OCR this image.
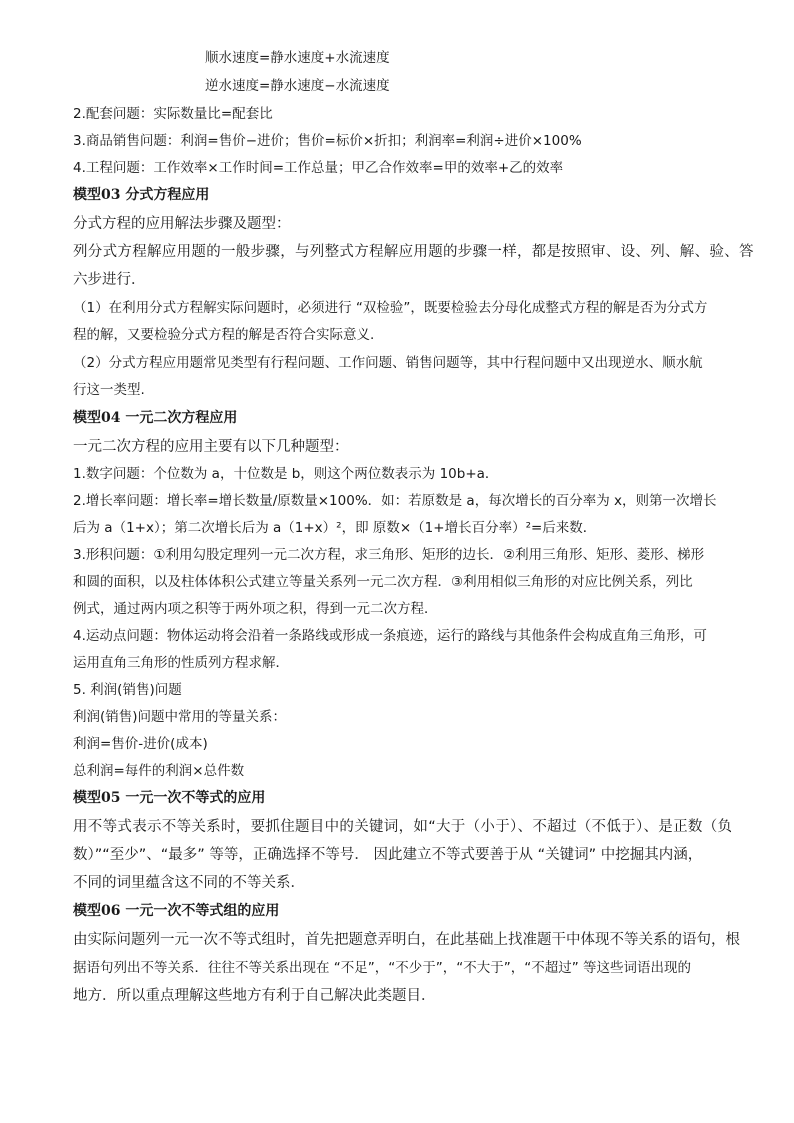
顺水速度=静水速度+水流速度
逆水速度=静水速度−水流速度
2.配套问题：实际数量比=配套比
3.商品销售问题：利润=售价−进价；售价=标价×折扣；利润率=利润÷进价×100%
4.工程问题：工作效率×工作时间=工作总量；甲乙合作效率=甲的效率+乙的效率
模型03 分式方程应用
分式方程的应用解法步骤及题型：
列分式方程解应用题的一般步骤，与列整式方程解应用题的步骤一样，都是按照审、设、列、解、验、答
六步进行．
（1）在利用分式方程解实际问题时，必须进行 “双检验”，既要检验去分母化成整式方程的解是否为分式方
程的解，又要检验分式方程的解是否符合实际意义.
（2）分式方程应用题常见类型有行程问题、工作问题、销售问题等，其中行程问题中又出现逆水、顺水航
行这一类型.
模型04 一元二次方程应用
一元二次方程的应用主要有以下几种题型：
1.数字问题：个位数为 a，十位数是 b，则这个两位数表示为 10b+a．
2.增长率问题：增长率=增长数量/原数量×100%．如：若原数是 a，每次增长的百分率为 x，则第一次增长
后为 a（1+x）；第二次增长后为 a（1+x）²，即 原数×（1+增长百分率）²=后来数．
3.形积问题：①利用勾股定理列一元二次方程，求三角形、矩形的边长．②利用三角形、矩形、菱形、梯形
和圆的面积，以及柱体体积公式建立等量关系列一元二次方程．③利用相似三角形的对应比例关系，列比
例式，通过两内项之积等于两外项之积，得到一元二次方程．
4.运动点问题：物体运动将会沿着一条路线或形成一条痕迹，运行的路线与其他条件会构成直角三角形，可
运用直角三角形的性质列方程求解．
5. 利润(销售)问题
利润(销售)问题中常用的等量关系：
利润=售价-进价(成本)
总利润=每件的利润×总件数
模型05 一元一次不等式的应用
用不等式表示不等关系时，要抓住题目中的关键词，如“大于（小于）、不超过（不低于）、是正数（负
数）”“至少”、“最多” 等等，正确选择不等号． 因此建立不等式要善于从 “关键词” 中挖掘其内涵，
不同的词里蕴含这不同的不等关系．
模型06 一元一次不等式组的应用
由实际问题列一元一次不等式组时，首先把题意弄明白，在此基础上找准题干中体现不等关系的语句，根
据语句列出不等关系．往往不等关系出现在 “不足”，“不少于”，“不大于”，“不超过” 等这些词语出现的
地方．所以重点理解这些地方有利于自己解决此类题目．
